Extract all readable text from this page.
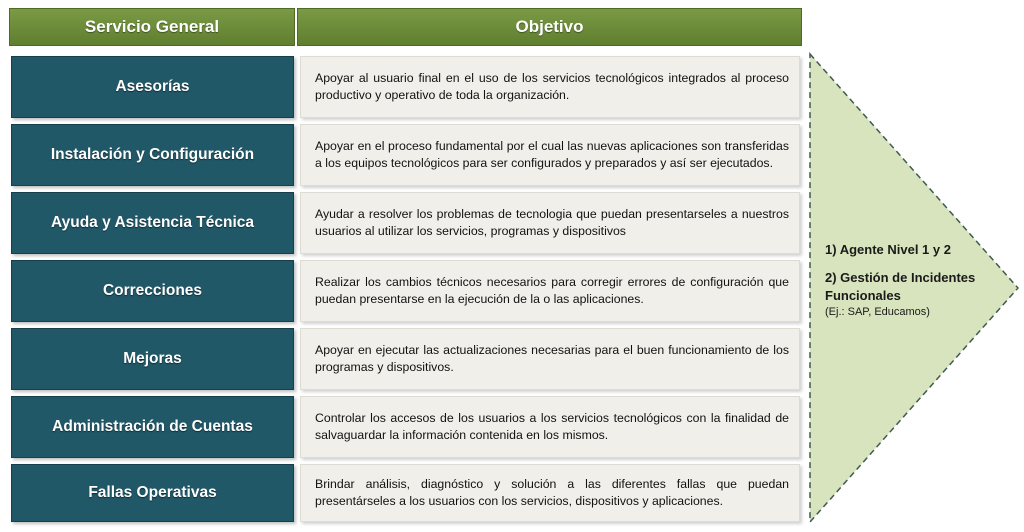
Servicio General	Objetivo
Asesorías	Apoyar al usuario final en el uso de los servicios tecnológicos integrados al proceso productivo y operativo de toda la organización.
Instalación y Configuración	Apoyar en el proceso fundamental por el cual las nuevas aplicaciones son transferidas a los equipos tecnológicos para ser configurados y preparados y así ser ejecutados.
Ayuda y Asistencia Técnica	Ayudar a resolver los problemas de tecnologia que puedan presentarseles a nuestros usuarios al utilizar los servicios, programas y dispositivos
Correcciones	Realizar los cambios técnicos necesarios para corregir errores de configuración que puedan presentarse en la ejecución de la o las aplicaciones.
Mejoras	Apoyar en ejecutar las actualizaciones necesarias para el buen funcionamiento de los programas y dispositivos.
Administración de Cuentas	Controlar los accesos de los usuarios a los servicios tecnológicos con la finalidad de salvaguardar la información contenida en los mismos.
Fallas Operativas	Brindar análisis, diagnóstico y solución a las diferentes fallas que puedan presentárseles a los usuarios con los servicios, dispositivos y aplicaciones.
1) Agente Nivel 1 y 2
2) Gestión de Incidentes Funcionales
(Ej.: SAP, Educamos)
